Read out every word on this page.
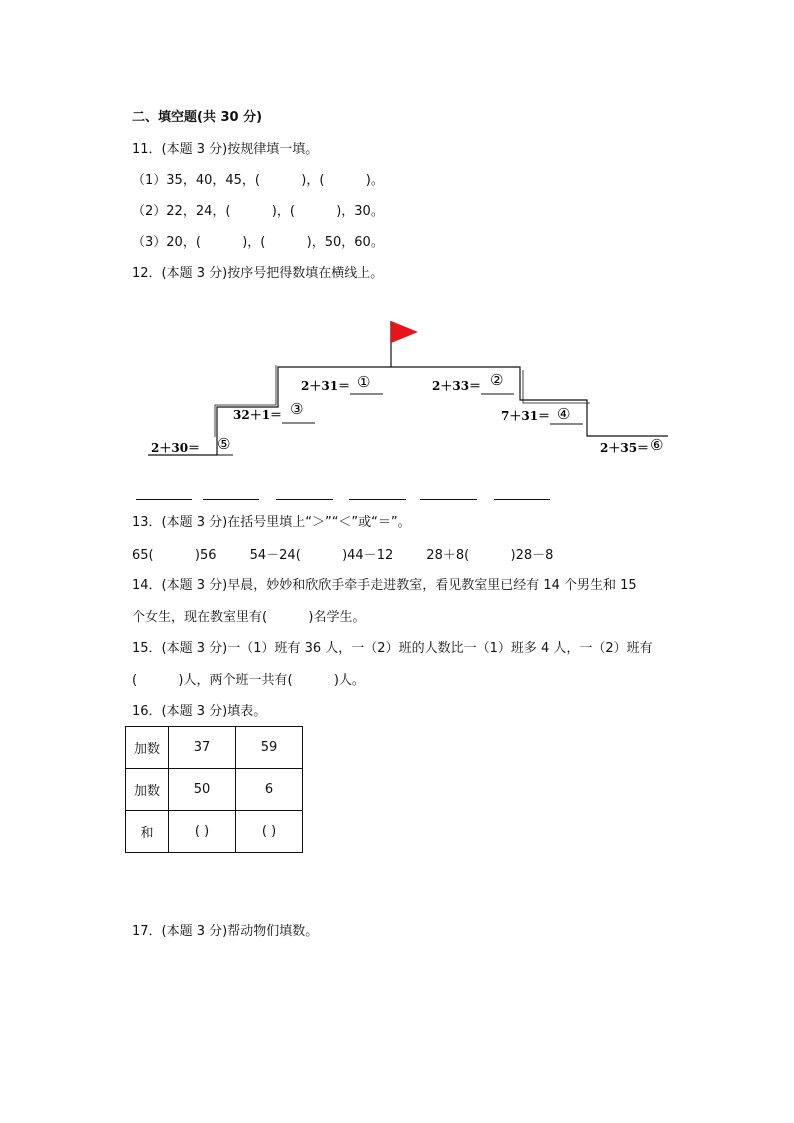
二、填空题(共 30 分)
11．(本题 3 分)按规律填一填。
（1）35，40，45，(          )，(          )。
（2）22，24，(          )，(          )，30。
（3）20，(          )，(          )，50，60。
12．(本题 3 分)按序号把得数填在横线上。
2＋31＝ ①	2＋33＝ ②
32＋1＝ ③	7＋31＝ ④
2＋30＝ ⑤	2＋35＝ ⑥
13．(本题 3 分)在括号里填上“＞”“＜”或“＝”。
65(          )56        54－24(          )44－12        28＋8(          )28－8
14．(本题 3 分)早晨，妙妙和欣欣手牵手走进教室，看见教室里已经有 14 个男生和 15
个女生，现在教室里有(          )名学生。
15．(本题 3 分)一（1）班有 36 人，一（2）班的人数比一（1）班多 4 人，一（2）班有
(          )人，两个班一共有(          )人。
16．(本题 3 分)填表。
加数	37	59
加数	50	6
和	( )	( )
17．(本题 3 分)帮动物们填数。
